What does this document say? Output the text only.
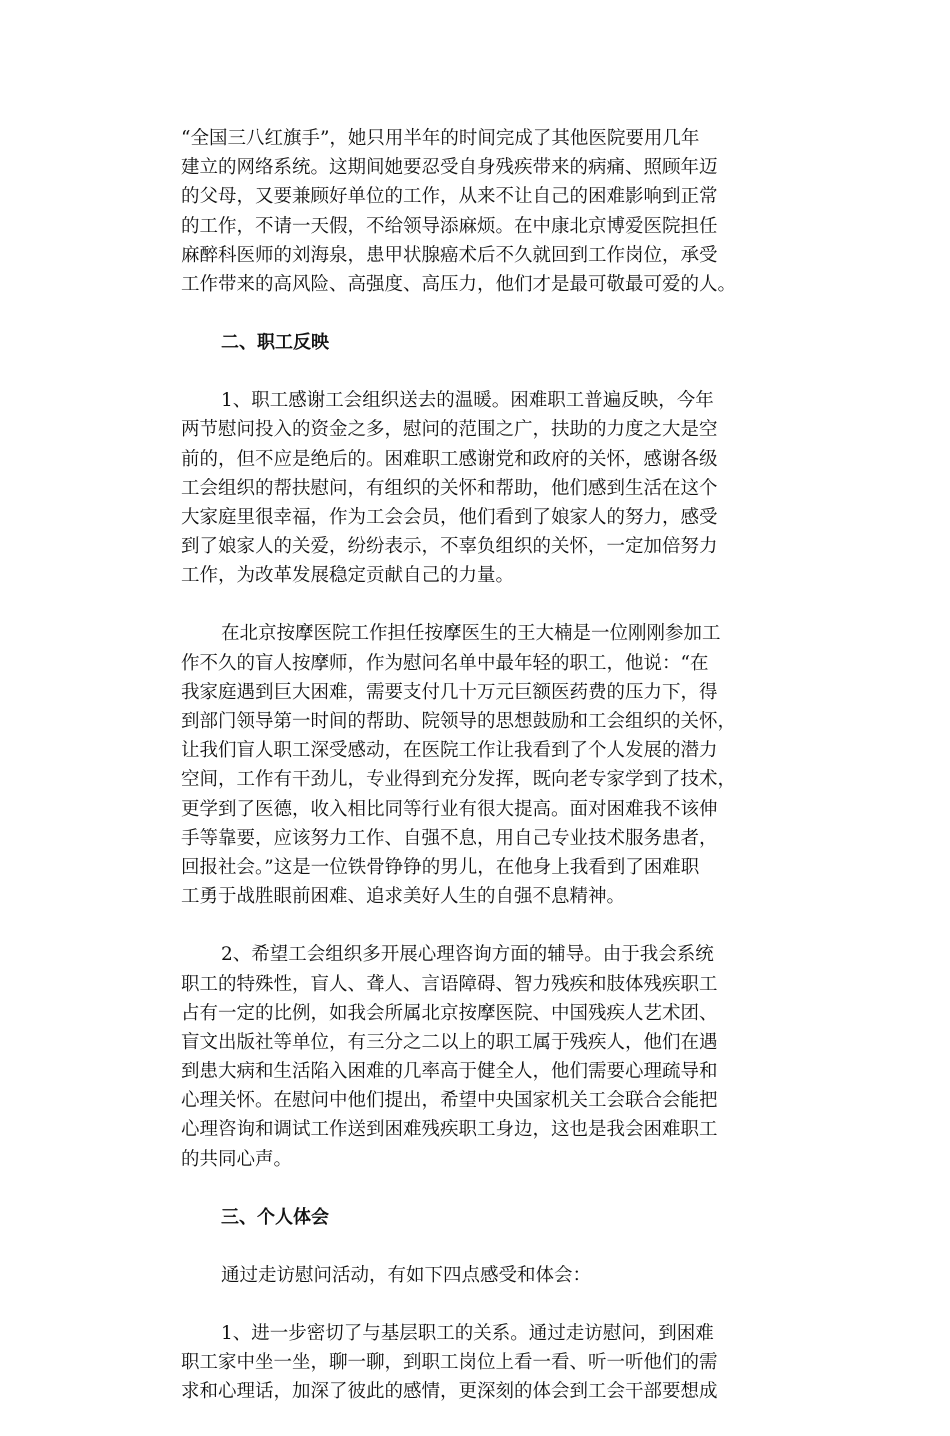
“全国三八红旗手”，她只用半年的时间完成了其他医院要用几年
建立的网络系统。这期间她要忍受自身残疾带来的病痛、照顾年迈
的父母，又要兼顾好单位的工作，从来不让自己的困难影响到正常
的工作，不请一天假，不给领导添麻烦。在中康北京博爱医院担任
麻醉科医师的刘海泉，患甲状腺癌术后不久就回到工作岗位，承受
工作带来的高风险、高强度、高压力，他们才是最可敬最可爱的人。
二、职工反映
1、职工感谢工会组织送去的温暖。困难职工普遍反映，今年
两节慰问投入的资金之多，慰问的范围之广，扶助的力度之大是空
前的，但不应是绝后的。困难职工感谢党和政府的关怀，感谢各级
工会组织的帮扶慰问，有组织的关怀和帮助，他们感到生活在这个
大家庭里很幸福，作为工会会员，他们看到了娘家人的努力，感受
到了娘家人的关爱，纷纷表示，不辜负组织的关怀，一定加倍努力
工作，为改革发展稳定贡献自己的力量。
在北京按摩医院工作担任按摩医生的王大楠是一位刚刚参加工
作不久的盲人按摩师，作为慰问名单中最年轻的职工，他说：“在
我家庭遇到巨大困难，需要支付几十万元巨额医药费的压力下，得
到部门领导第一时间的帮助、院领导的思想鼓励和工会组织的关怀，
让我们盲人职工深受感动，在医院工作让我看到了个人发展的潜力
空间，工作有干劲儿，专业得到充分发挥，既向老专家学到了技术，
更学到了医德，收入相比同等行业有很大提高。面对困难我不该伸
手等靠要，应该努力工作、自强不息，用自己专业技术服务患者，
回报社会。”这是一位铁骨铮铮的男儿，在他身上我看到了困难职
工勇于战胜眼前困难、追求美好人生的自强不息精神。
2、希望工会组织多开展心理咨询方面的辅导。由于我会系统
职工的特殊性，盲人、聋人、言语障碍、智力残疾和肢体残疾职工
占有一定的比例，如我会所属北京按摩医院、中国残疾人艺术团、
盲文出版社等单位，有三分之二以上的职工属于残疾人，他们在遇
到患大病和生活陷入困难的几率高于健全人，他们需要心理疏导和
心理关怀。在慰问中他们提出，希望中央国家机关工会联合会能把
心理咨询和调试工作送到困难残疾职工身边，这也是我会困难职工
的共同心声。
三、个人体会
通过走访慰问活动，有如下四点感受和体会：
1、进一步密切了与基层职工的关系。通过走访慰问，到困难
职工家中坐一坐，聊一聊，到职工岗位上看一看、听一听他们的需
求和心理话，加深了彼此的感情，更深刻的体会到工会干部要想成
